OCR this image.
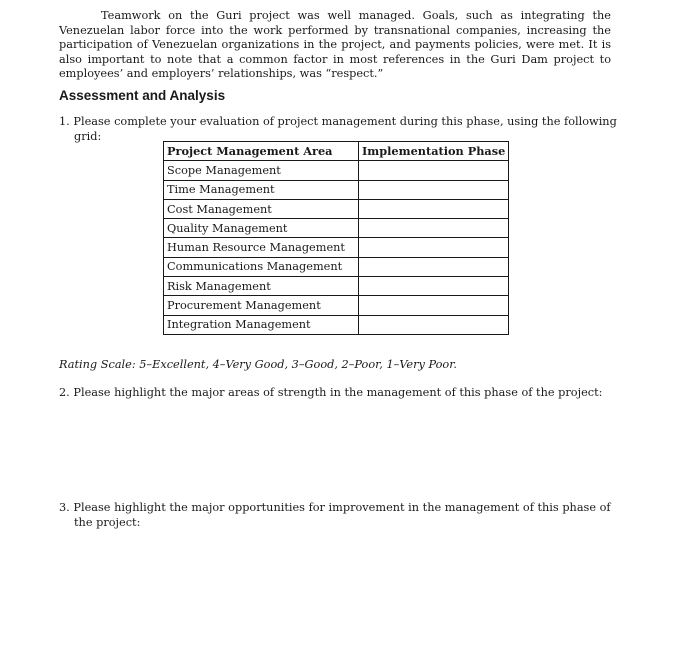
Teamwork on the Guri project was well managed. Goals, such as integrating the Venezuelan labor force into the work performed by transnational companies, increasing the participation of Venezuelan organizations in the project, and payments policies, were met. It is also important to note that a common factor in most references in the Guri Dam project to employees’ and employers’ relationships, was “respect.”

Assessment and Analysis

1. Please complete your evaluation of project management during this phase, using the following grid:

Project Management Area	Implementation Phase
Scope Management	
Time Management	
Cost Management	
Quality Management	
Human Resource Management	
Communications Management	
Risk Management	
Procurement Management	
Integration Management	

Rating Scale: 5–Excellent, 4–Very Good, 3–Good, 2–Poor, 1–Very Poor.

2. Please highlight the major areas of strength in the management of this phase of the project:

3. Please highlight the major opportunities for improvement in the management of this phase of the project:
